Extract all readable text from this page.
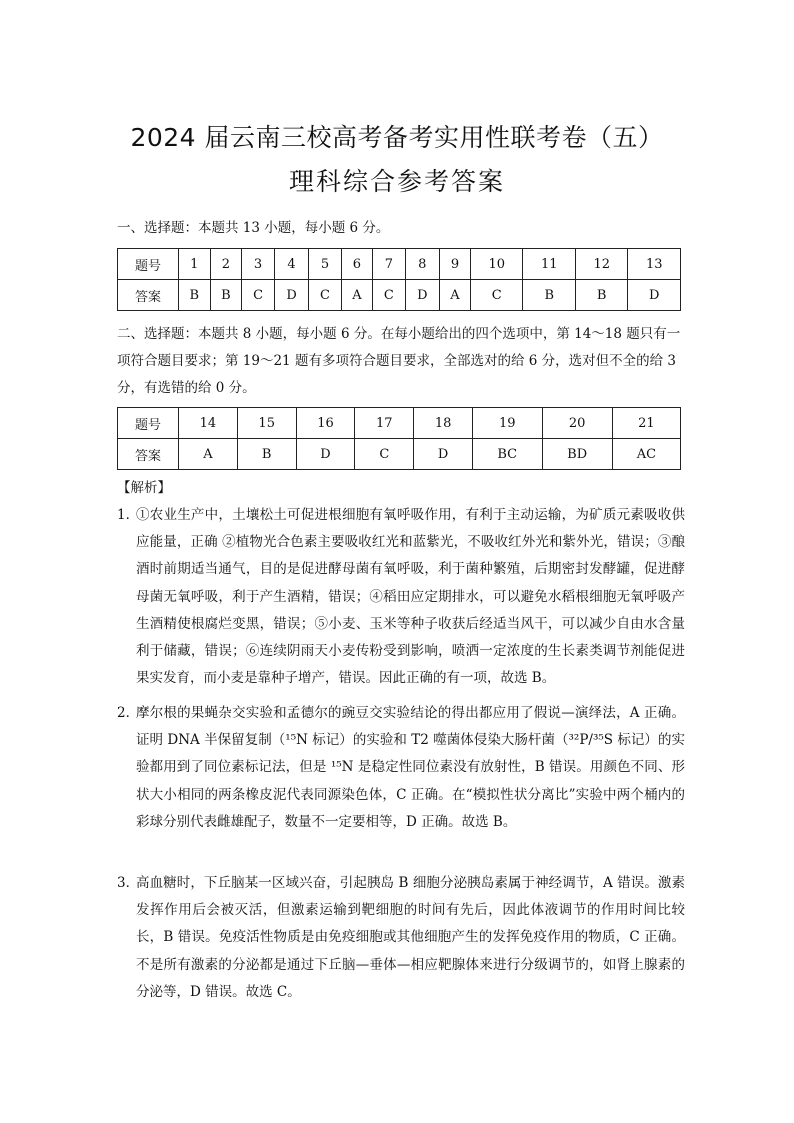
2024 届云南三校高考备考实用性联考卷（五）
理科综合参考答案
一、选择题：本题共 13 小题，每小题 6 分。
题号	1	2	3	4	5	6	7	8	9	10	11	12	13
答案	B	B	C	D	C	A	C	D	A	C	B	B	D
二、选择题：本题共 8 小题，每小题 6 分。在每小题给出的四个选项中，第 14～18 题只有一项符合题目要求；第 19～21 题有多项符合题目要求，全部选对的给 6 分，选对但不全的给 3 分，有选错的给 0 分。
题号	14	15	16	17	18	19	20	21
答案	A	B	D	C	D	BC	BD	AC
【解析】
1．
①农业生产中，土壤松土可促进根细胞有氧呼吸作用，有利于主动运输，为矿质元素吸收供应能量，正确 ②植物光合色素主要吸收红光和蓝紫光，不吸收红外光和紫外光，错误；③酿酒时前期适当通气，目的是促进酵母菌有氧呼吸，利于菌种繁殖，后期密封发酵罐，促进酵母菌无氧呼吸，利于产生酒精，错误；④稻田应定期排水，可以避免水稻根细胞无氧呼吸产生酒精使根腐烂变黑，错误；⑤小麦、玉米等种子收获后经适当风干，可以减少自由水含量利于储藏，错误；⑥连续阴雨天小麦传粉受到影响，喷洒一定浓度的生长素类调节剂能促进果实发育，而小麦是靠种子增产，错误。因此正确的有一项，故选 B。
2．
摩尔根的果蝇杂交实验和孟德尔的豌豆交实验结论的得出都应用了假说—演绎法，A 正确。证明 DNA 半保留复制（¹⁵N 标记）的实验和 T2 噬菌体侵染大肠杆菌（³²P/³⁵S 标记）的实验都用到了同位素标记法，但是 ¹⁵N 是稳定性同位素没有放射性，B 错误。用颜色不同、形状大小相同的两条橡皮泥代表同源染色体，C 正确。在“模拟性状分离比”实验中两个桶内的彩球分别代表雌雄配子，数量不一定要相等，D 正确。故选 B。
3．
高血糖时，下丘脑某一区域兴奋，引起胰岛 B 细胞分泌胰岛素属于神经调节，A 错误。激素发挥作用后会被灭活，但激素运输到靶细胞的时间有先后，因此体液调节的作用时间比较长，B 错误。免疫活性物质是由免疫细胞或其他细胞产生的发挥免疫作用的物质，C 正确。不是所有激素的分泌都是通过下丘脑—垂体—相应靶腺体来进行分级调节的，如肾上腺素的分泌等，D 错误。故选 C。
